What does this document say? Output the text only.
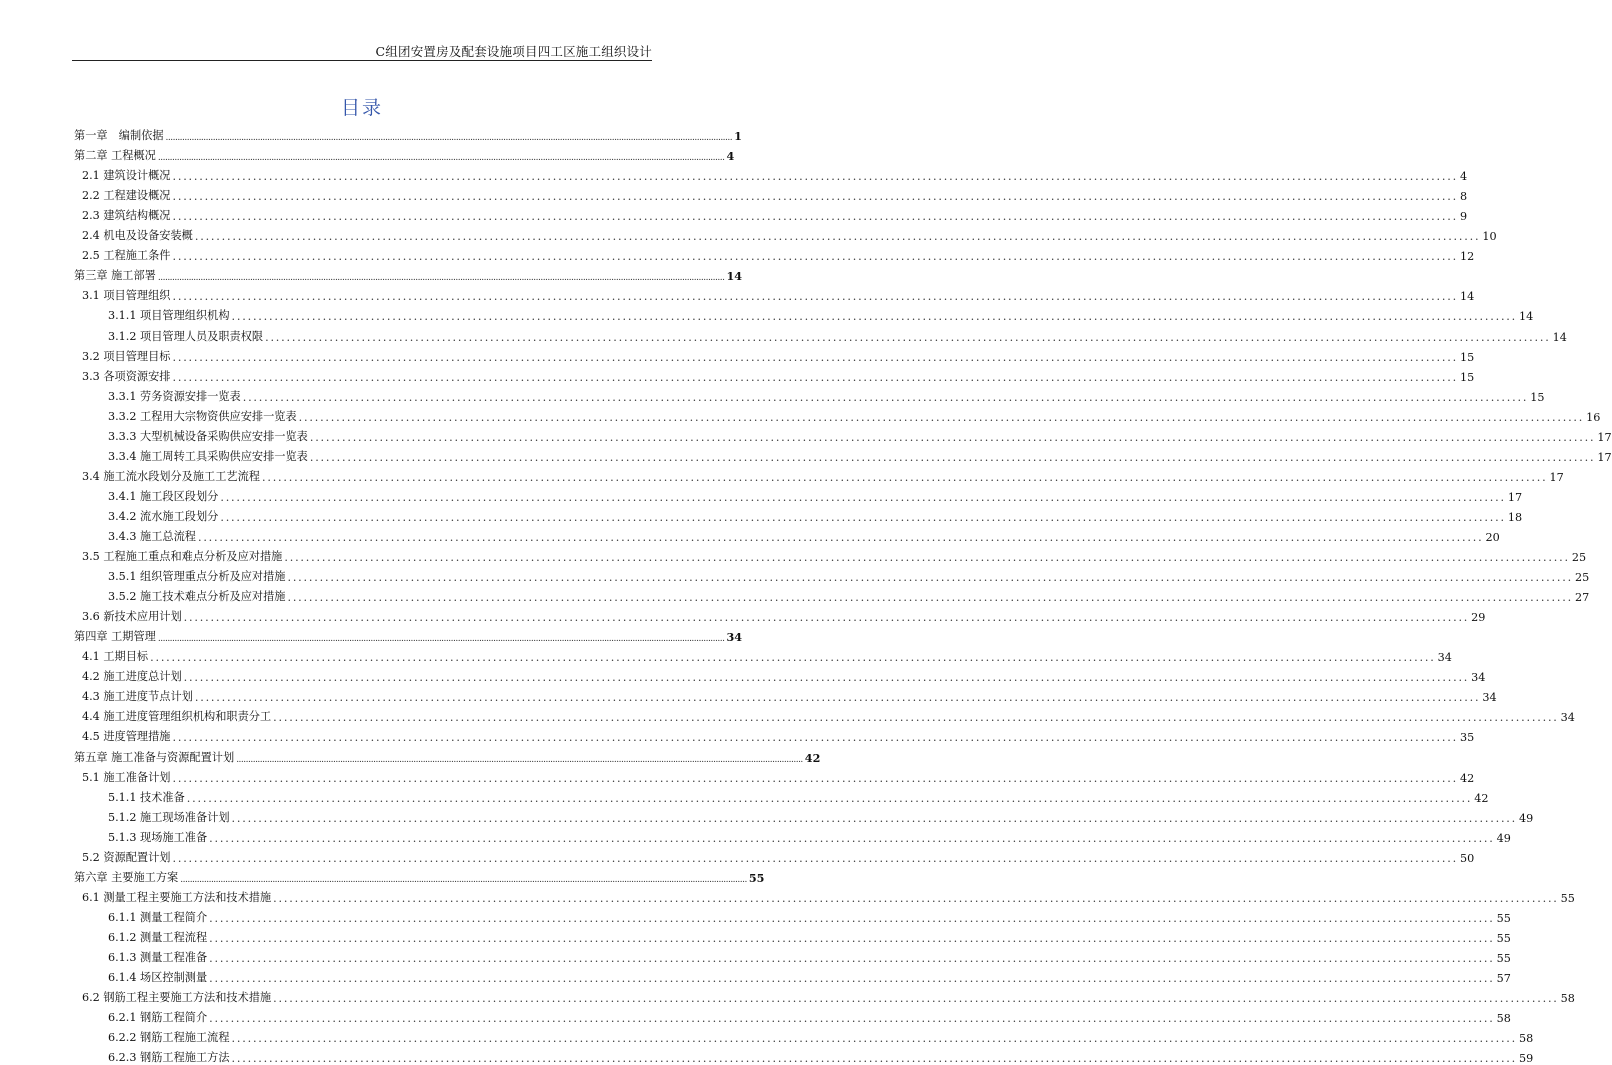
C组团安置房及配套设施项目四工区施工组织设计
目录
第一章　编制依据 ................................................................................................................................................................................................................................................ 1
第二章 工程概况 ................................................................................................................................................................................................................................................ 4
2.1 建筑设计概况 ................................................................................................................................................................................................................................................ 4
2.2 工程建设概况 ................................................................................................................................................................................................................................................ 8
2.3 建筑结构概况 ................................................................................................................................................................................................................................................ 9
2.4 机电及设备安装概 ................................................................................................................................................................................................................................................ 10
2.5 工程施工条件 ................................................................................................................................................................................................................................................ 12
第三章 施工部署 ................................................................................................................................................................................................................................................ 14
3.1 项目管理组织 ................................................................................................................................................................................................................................................ 14
3.1.1 项目管理组织机构 ................................................................................................................................................................................................................................................ 14
3.1.2 项目管理人员及职责权限 ................................................................................................................................................................................................................................................ 14
3.2 项目管理目标 ................................................................................................................................................................................................................................................ 15
3.3 各项资源安排 ................................................................................................................................................................................................................................................ 15
3.3.1 劳务资源安排一览表 ................................................................................................................................................................................................................................................ 15
3.3.2 工程用大宗物资供应安排一览表 ................................................................................................................................................................................................................................................ 16
3.3.3 大型机械设备采购供应安排一览表 ................................................................................................................................................................................................................................................ 17
3.3.4 施工周转工具采购供应安排一览表 ................................................................................................................................................................................................................................................ 17
3.4 施工流水段划分及施工工艺流程 ................................................................................................................................................................................................................................................ 17
3.4.1 施工段区段划分 ................................................................................................................................................................................................................................................ 17
3.4.2 流水施工段划分 ................................................................................................................................................................................................................................................ 18
3.4.3 施工总流程 ................................................................................................................................................................................................................................................ 20
3.5 工程施工重点和难点分析及应对措施 ................................................................................................................................................................................................................................................ 25
3.5.1 组织管理重点分析及应对措施 ................................................................................................................................................................................................................................................ 25
3.5.2 施工技术难点分析及应对措施 ................................................................................................................................................................................................................................................ 27
3.6 新技术应用计划 ................................................................................................................................................................................................................................................ 29
第四章 工期管理 ................................................................................................................................................................................................................................................ 34
4.1 工期目标 ................................................................................................................................................................................................................................................ 34
4.2 施工进度总计划 ................................................................................................................................................................................................................................................ 34
4.3 施工进度节点计划 ................................................................................................................................................................................................................................................ 34
4.4 施工进度管理组织机构和职责分工 ................................................................................................................................................................................................................................................ 34
4.5 进度管理措施 ................................................................................................................................................................................................................................................ 35
第五章 施工准备与资源配置计划 ................................................................................................................................................................................................................................................ 42
5.1 施工准备计划 ................................................................................................................................................................................................................................................ 42
5.1.1 技术准备 ................................................................................................................................................................................................................................................ 42
5.1.2 施工现场准备计划 ................................................................................................................................................................................................................................................ 49
5.1.3 现场施工准备 ................................................................................................................................................................................................................................................ 49
5.2 资源配置计划 ................................................................................................................................................................................................................................................ 50
第六章 主要施工方案 ................................................................................................................................................................................................................................................ 55
6.1 测量工程主要施工方法和技术措施 ................................................................................................................................................................................................................................................ 55
6.1.1 测量工程简介 ................................................................................................................................................................................................................................................ 55
6.1.2 测量工程流程 ................................................................................................................................................................................................................................................ 55
6.1.3 测量工程准备 ................................................................................................................................................................................................................................................ 55
6.1.4 场区控制测量 ................................................................................................................................................................................................................................................ 57
6.2 钢筋工程主要施工方法和技术措施 ................................................................................................................................................................................................................................................ 58
6.2.1 钢筋工程简介 ................................................................................................................................................................................................................................................ 58
6.2.2 钢筋工程施工流程 ................................................................................................................................................................................................................................................ 58
6.2.3 钢筋工程施工方法 ................................................................................................................................................................................................................................................ 59
